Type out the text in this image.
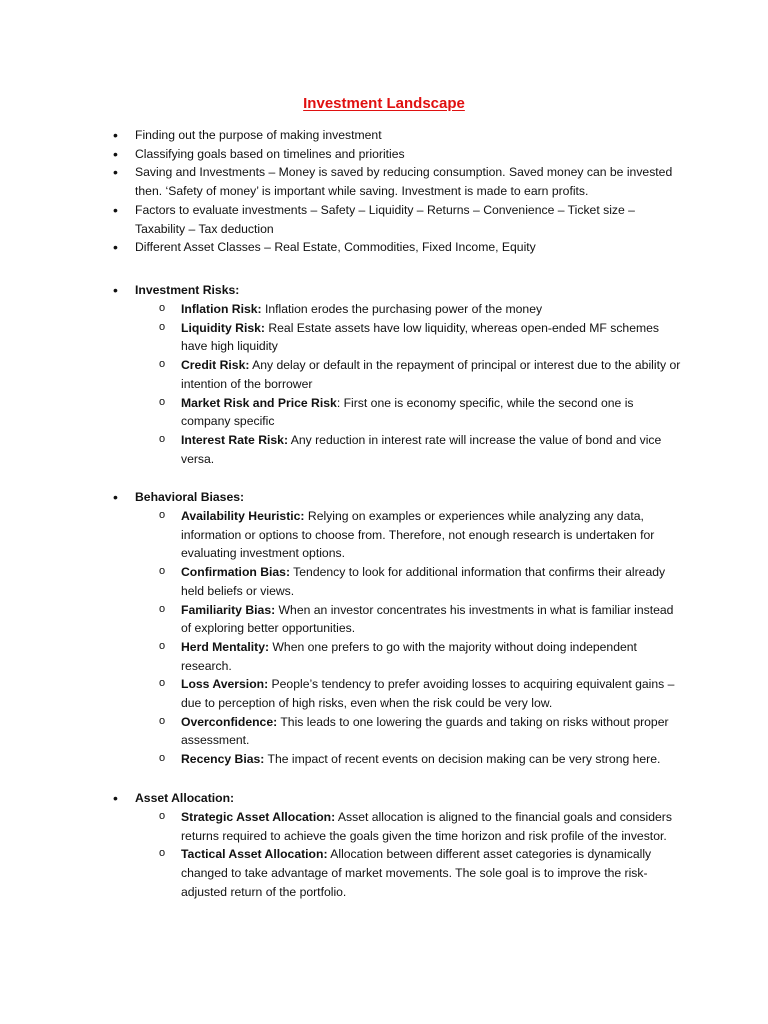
Investment Landscape
• Finding out the purpose of making investment
• Classifying goals based on timelines and priorities
• Saving and Investments – Money is saved by reducing consumption. Saved money can be invested then. ‘Safety of money’ is important while saving. Investment is made to earn profits.
• Factors to evaluate investments – Safety – Liquidity – Returns – Convenience – Ticket size – Taxability – Tax deduction
• Different Asset Classes – Real Estate, Commodities, Fixed Income, Equity
• Investment Risks:
o Inflation Risk: Inflation erodes the purchasing power of the money
o Liquidity Risk: Real Estate assets have low liquidity, whereas open-ended MF schemes have high liquidity
o Credit Risk: Any delay or default in the repayment of principal or interest due to the ability or intention of the borrower
o Market Risk and Price Risk: First one is economy specific, while the second one is company specific
o Interest Rate Risk: Any reduction in interest rate will increase the value of bond and vice versa.
• Behavioral Biases:
o Availability Heuristic: Relying on examples or experiences while analyzing any data, information or options to choose from. Therefore, not enough research is undertaken for evaluating investment options.
o Confirmation Bias: Tendency to look for additional information that confirms their already held beliefs or views.
o Familiarity Bias: When an investor concentrates his investments in what is familiar instead of exploring better opportunities.
o Herd Mentality: When one prefers to go with the majority without doing independent research.
o Loss Aversion: People’s tendency to prefer avoiding losses to acquiring equivalent gains – due to perception of high risks, even when the risk could be very low.
o Overconfidence: This leads to one lowering the guards and taking on risks without proper assessment.
o Recency Bias: The impact of recent events on decision making can be very strong here.
• Asset Allocation:
o Strategic Asset Allocation: Asset allocation is aligned to the financial goals and considers returns required to achieve the goals given the time horizon and risk profile of the investor.
o Tactical Asset Allocation: Allocation between different asset categories is dynamically changed to take advantage of market movements. The sole goal is to improve the risk-adjusted return of the portfolio.
